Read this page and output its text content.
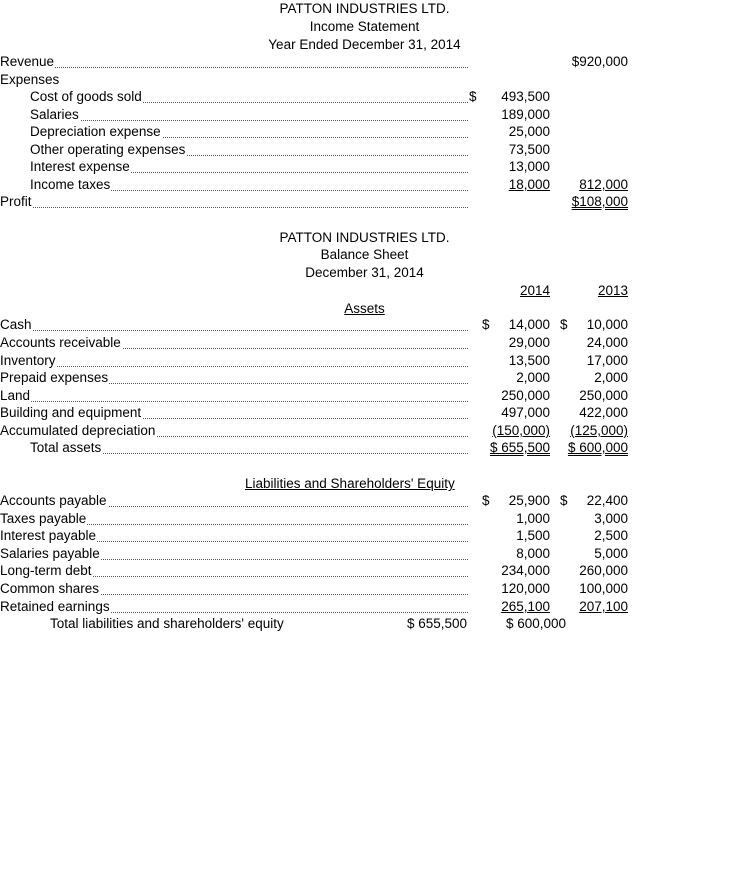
PATTON INDUSTRIES LTD.
Income Statement
Year Ended December 31, 2014
Revenue	$920,000
Expenses
Cost of goods sold	$ 493,500
Salaries	189,000
Depreciation expense	25,000
Other operating expenses	73,500
Interest expense	13,000
Income taxes	18,000 812,000
Profit	$108,000
PATTON INDUSTRIES LTD.
Balance Sheet
December 31, 2014
2014	2013
Assets
Cash	$ 14,000 $ 10,000
Accounts receivable	29,000	24,000
Inventory	13,500	17,000
Prepaid expenses	2,000	2,000
Land	250,000 250,000
Building and equipment	497,000 422,000
Accumulated depreciation	(150,000) (125,000)
Total assets	$ 655,500 $ 600,000
Liabilities and Shareholders' Equity
Accounts payable	$ 25,900 $ 22,400
Taxes payable	1,000	3,000
Interest payable	1,500	2,500
Salaries payable	8,000	5,000
Long-term debt	234,000 260,000
Common shares	120,000 100,000
Retained earnings	265,100 207,100
Total liabilities and shareholders' equity	$ 655,500	$ 600,000
